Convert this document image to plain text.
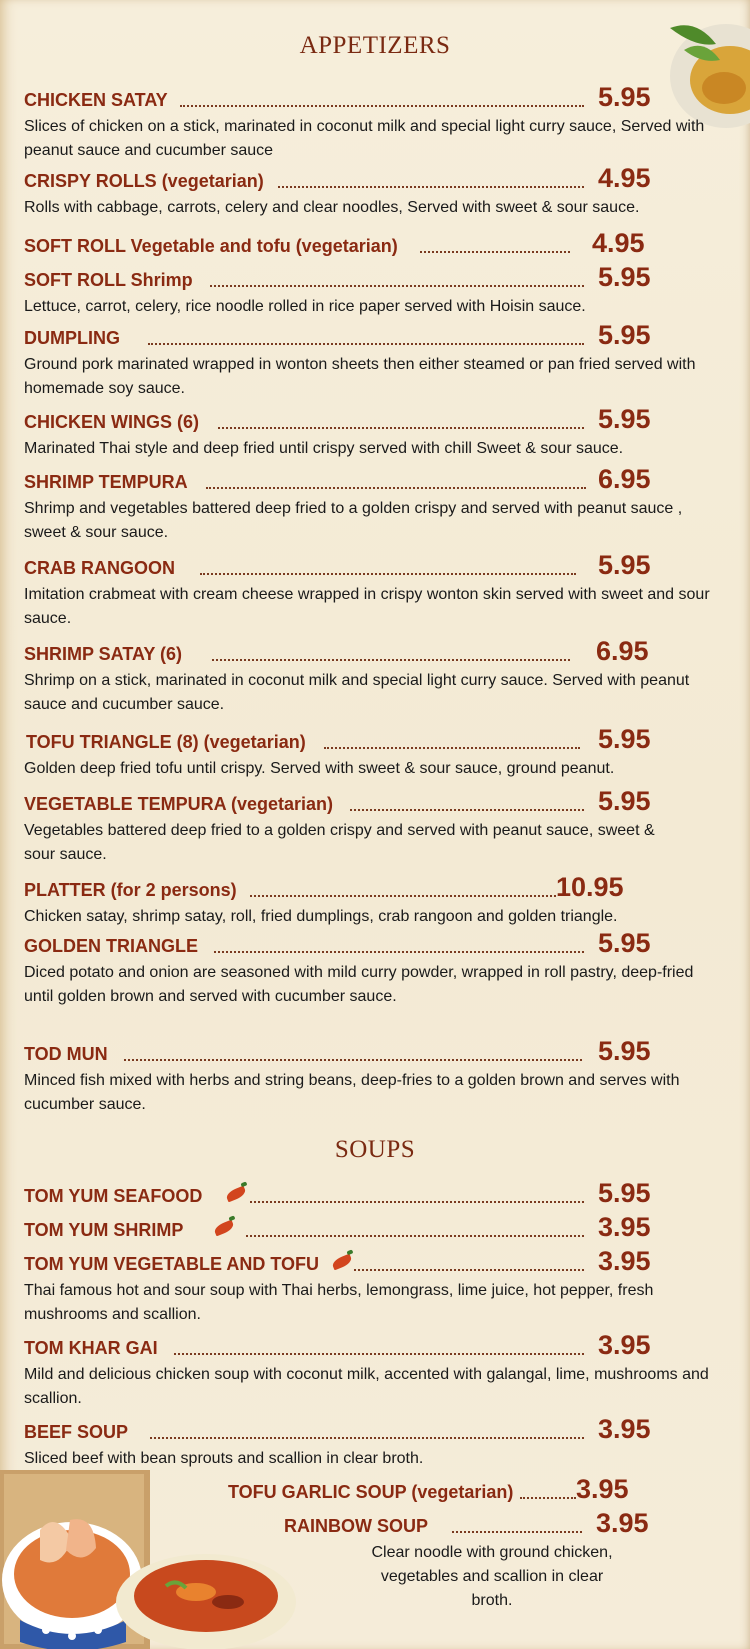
APPETIZERS
CHICKEN SATAY	5.95
Slices of chicken on a stick, marinated in coconut milk and special light curry sauce, Served with peanut sauce and cucumber sauce
CRISPY ROLLS (vegetarian)	4.95
Rolls with cabbage, carrots, celery and clear noodles, Served with sweet & sour sauce.
SOFT ROLL Vegetable and tofu (vegetarian)	4.95
SOFT ROLL Shrimp	5.95
Lettuce, carrot, celery, rice noodle rolled in rice paper served with Hoisin sauce.
DUMPLING	5.95
Ground pork marinated wrapped in wonton sheets then either steamed or pan fried served with homemade soy sauce.
CHICKEN WINGS (6)	5.95
Marinated Thai style and deep fried until crispy served with chill Sweet & sour sauce.
SHRIMP TEMPURA	6.95
Shrimp and vegetables battered deep fried to a golden crispy and served with peanut sauce , sweet & sour sauce.
CRAB RANGOON	5.95
Imitation crabmeat with cream cheese wrapped in crispy wonton skin served with sweet and sour sauce.
SHRIMP SATAY (6)	6.95
Shrimp on a stick, marinated in coconut milk and special light curry sauce. Served with peanut sauce and cucumber sauce.
TOFU TRIANGLE (8) (vegetarian)	5.95
Golden deep fried tofu until crispy. Served with sweet & sour sauce, ground peanut.
VEGETABLE TEMPURA (vegetarian)	5.95
Vegetables battered deep fried to a golden crispy and served with peanut sauce, sweet & sour sauce.
PLATTER (for 2 persons)	10.95
Chicken satay, shrimp satay, roll, fried dumplings, crab rangoon and golden triangle.
GOLDEN TRIANGLE	5.95
Diced potato and onion are seasoned with mild curry powder, wrapped in roll pastry, deep-fried until golden brown and served with cucumber sauce.
TOD MUN	5.95
Minced fish mixed with herbs and string beans, deep-fries to a golden brown and serves with cucumber sauce.
SOUPS
TOM YUM SEAFOOD	5.95
TOM YUM SHRIMP	3.95
TOM YUM VEGETABLE AND TOFU	3.95
Thai famous hot and sour soup with Thai herbs, lemongrass, lime juice, hot pepper, fresh mushrooms and scallion.
TOM KHAR GAI	3.95
Mild and delicious chicken soup with coconut milk, accented with galangal, lime, mushrooms and scallion.
BEEF SOUP	3.95
Sliced beef with bean sprouts and scallion in clear broth.
TOFU GARLIC SOUP (vegetarian) 3.95
RAINBOW SOUP	3.95
Clear noodle with ground chicken, vegetables and scallion in clear broth.
